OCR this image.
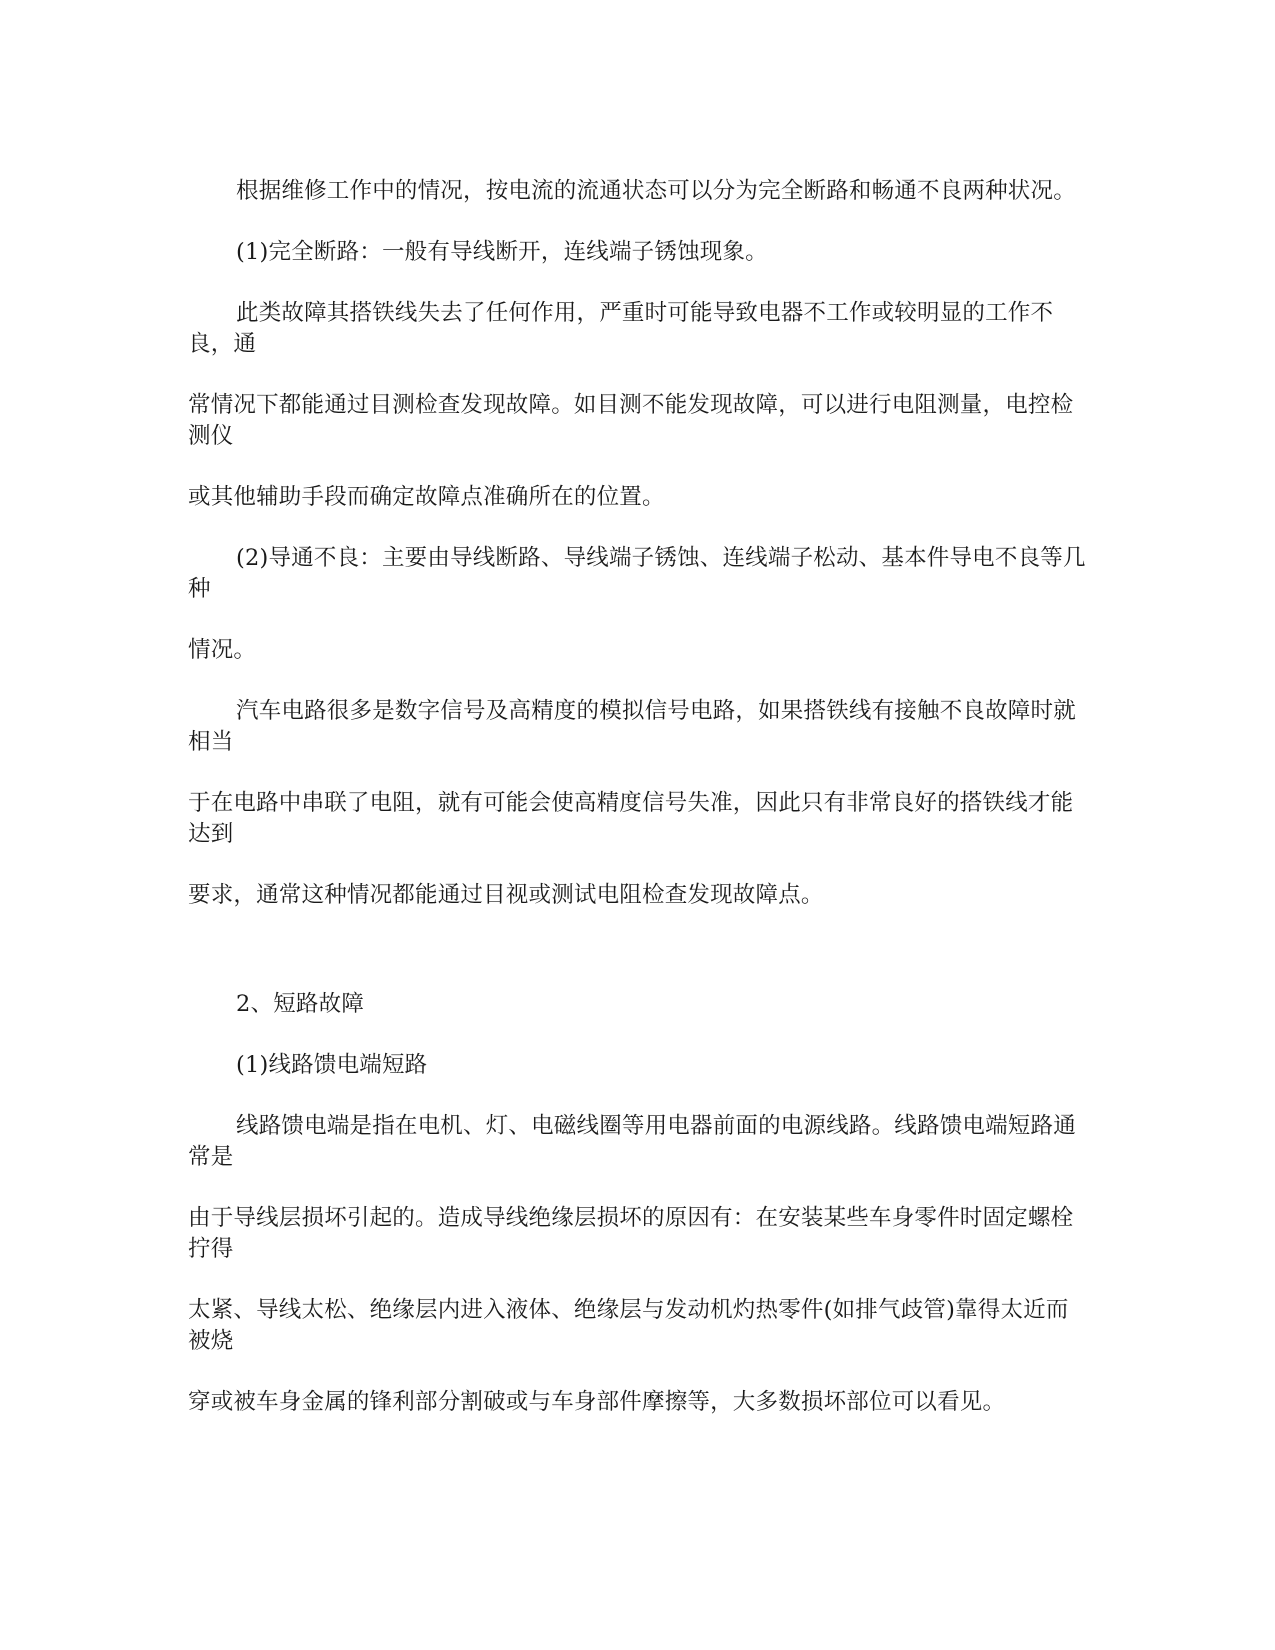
根据维修工作中的情况，按电流的流通状态可以分为完全断路和畅通不良两种状况。

(1)完全断路：一般有导线断开，连线端子锈蚀现象。

此类故障其搭铁线失去了任何作用，严重时可能导致电器不工作或较明显的工作不良，通

常情况下都能通过目测检查发现故障。如目测不能发现故障，可以进行电阻测量，电控检测仪

或其他辅助手段而确定故障点准确所在的位置。

(2)导通不良：主要由导线断路、导线端子锈蚀、连线端子松动、基本件导电不良等几种

情况。

汽车电路很多是数字信号及高精度的模拟信号电路，如果搭铁线有接触不良故障时就相当

于在电路中串联了电阻，就有可能会使高精度信号失准，因此只有非常良好的搭铁线才能达到

要求，通常这种情况都能通过目视或测试电阻检查发现故障点。

2、短路故障

(1)线路馈电端短路

线路馈电端是指在电机、灯、电磁线圈等用电器前面的电源线路。线路馈电端短路通常是

由于导线层损坏引起的。造成导线绝缘层损坏的原因有：在安装某些车身零件时固定螺栓拧得

太紧、导线太松、绝缘层内进入液体、绝缘层与发动机灼热零件(如排气歧管)靠得太近而被烧

穿或被车身金属的锋利部分割破或与车身部件摩擦等，大多数损坏部位可以看见。
